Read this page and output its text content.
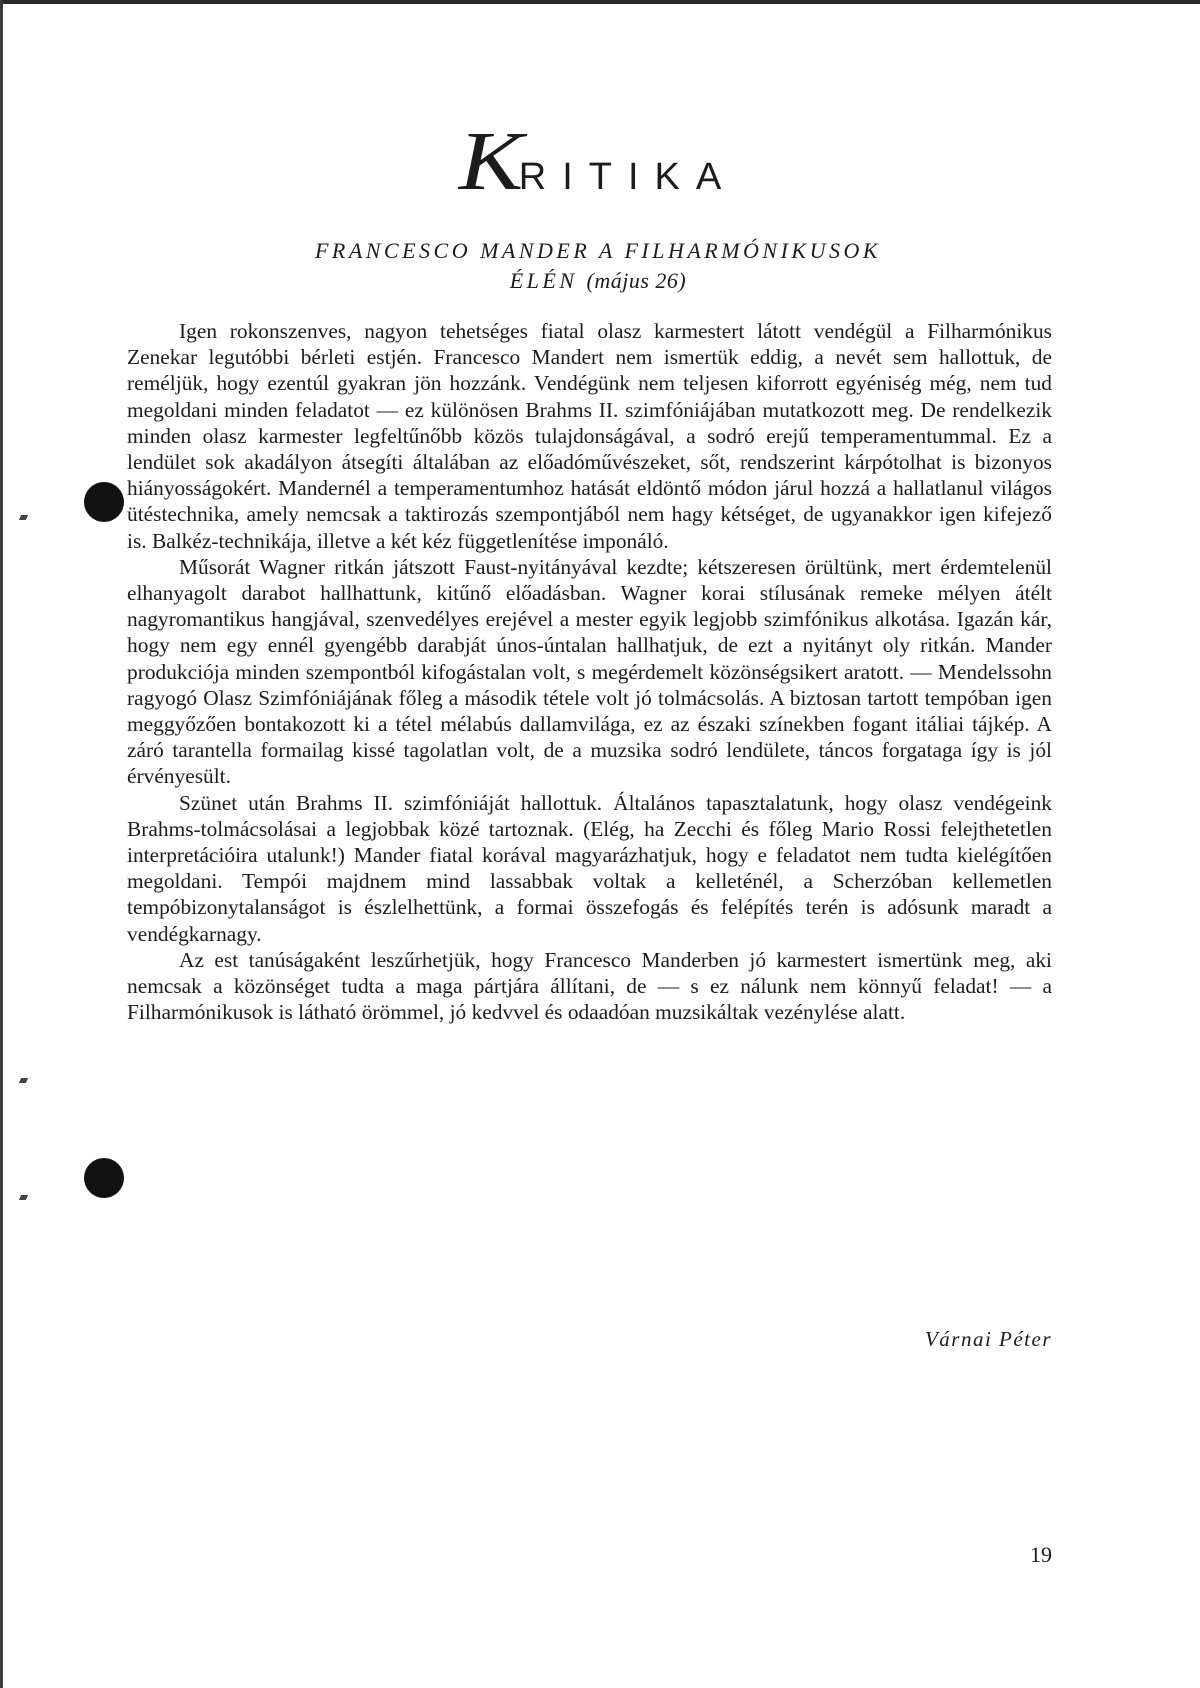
KRITIKA
FRANCESCO MANDER A FILHARMÓNIKUSOK
ÉLÉN (május 26)

Igen rokonszenves, nagyon tehetséges fiatal olasz karmestert látott vendégül a Filharmónikus Zenekar legutóbbi bérleti estjén. Francesco Mandert nem ismertük eddig, a nevét sem hallottuk, de reméljük, hogy ezentúl gyakran jön hozzánk. Vendégünk nem teljesen kiforrott egyéniség még, nem tud megoldani minden feladatot — ez különösen Brahms II. szimfóniájában mutatkozott meg. De rendelkezik minden olasz karmester legfeltűnőbb közös tulajdonságával, a sodró erejű temperamentummal. Ez a lendület sok akadályon átsegíti általában az előadóművészeket, sőt, rendszerint kárpótolhat is bizonyos hiányosságokért. Mandernél a temperamentumhoz hatását eldöntő módon járul hozzá a hallatlanul világos ütéstechnika, amely nemcsak a taktirozás szempontjából nem hagy kétséget, de ugyanakkor igen kifejező is. Balkéz-technikája, illetve a két kéz függetlenítése imponáló.

Műsorát Wagner ritkán játszott Faust-nyitányával kezdte; kétszeresen örültünk, mert érdemtelenül elhanyagolt darabot hallhattunk, kitűnő előadásban. Wagner korai stílusának remeke mélyen átélt nagyromantikus hangjával, szenvedélyes erejével a mester egyik legjobb szimfónikus alkotása. Igazán kár, hogy nem egy ennél gyengébb darabját únos-úntalan hallhatjuk, de ezt a nyitányt oly ritkán. Mander produkciója minden szempontból kifogástalan volt, s megérdemelt közönségsikert aratott. — Mendelssohn ragyogó Olasz Szimfóniájának főleg a második tétele volt jó tolmácsolás. A biztosan tartott tempóban igen meggyőzően bontakozott ki a tétel mélabús dallamvilága, ez az északi színekben fogant itáliai tájkép. A záró tarantella formailag kissé tagolatlan volt, de a muzsika sodró lendülete, táncos forgataga így is jól érvényesült.

Szünet után Brahms II. szimfóniáját hallottuk. Általános tapasztalatunk, hogy olasz vendégeink Brahms-tolmácsolásai a legjobbak közé tartoznak. (Elég, ha Zecchi és főleg Mario Rossi felejthetetlen interpretációira utalunk!) Mander fiatal korával magyarázhatjuk, hogy e feladatot nem tudta kielégítően megoldani. Tempói majdnem mind lassabbak voltak a kelleténél, a Scherzóban kellemetlen tempóbizonytalanságot is észlelhettünk, a formai összefogás és felépítés terén is adósunk maradt a vendégkarnagy.

Az est tanúságaként leszűrhetjük, hogy Francesco Manderben jó karmestert ismertünk meg, aki nemcsak a közönséget tudta a maga pártjára állítani, de — s ez nálunk nem könnyű feladat! — a Filharmónikusok is látható örömmel, jó kedvvel és odaadóan muzsikáltak vezénylése alatt.

Várnai Péter
19
